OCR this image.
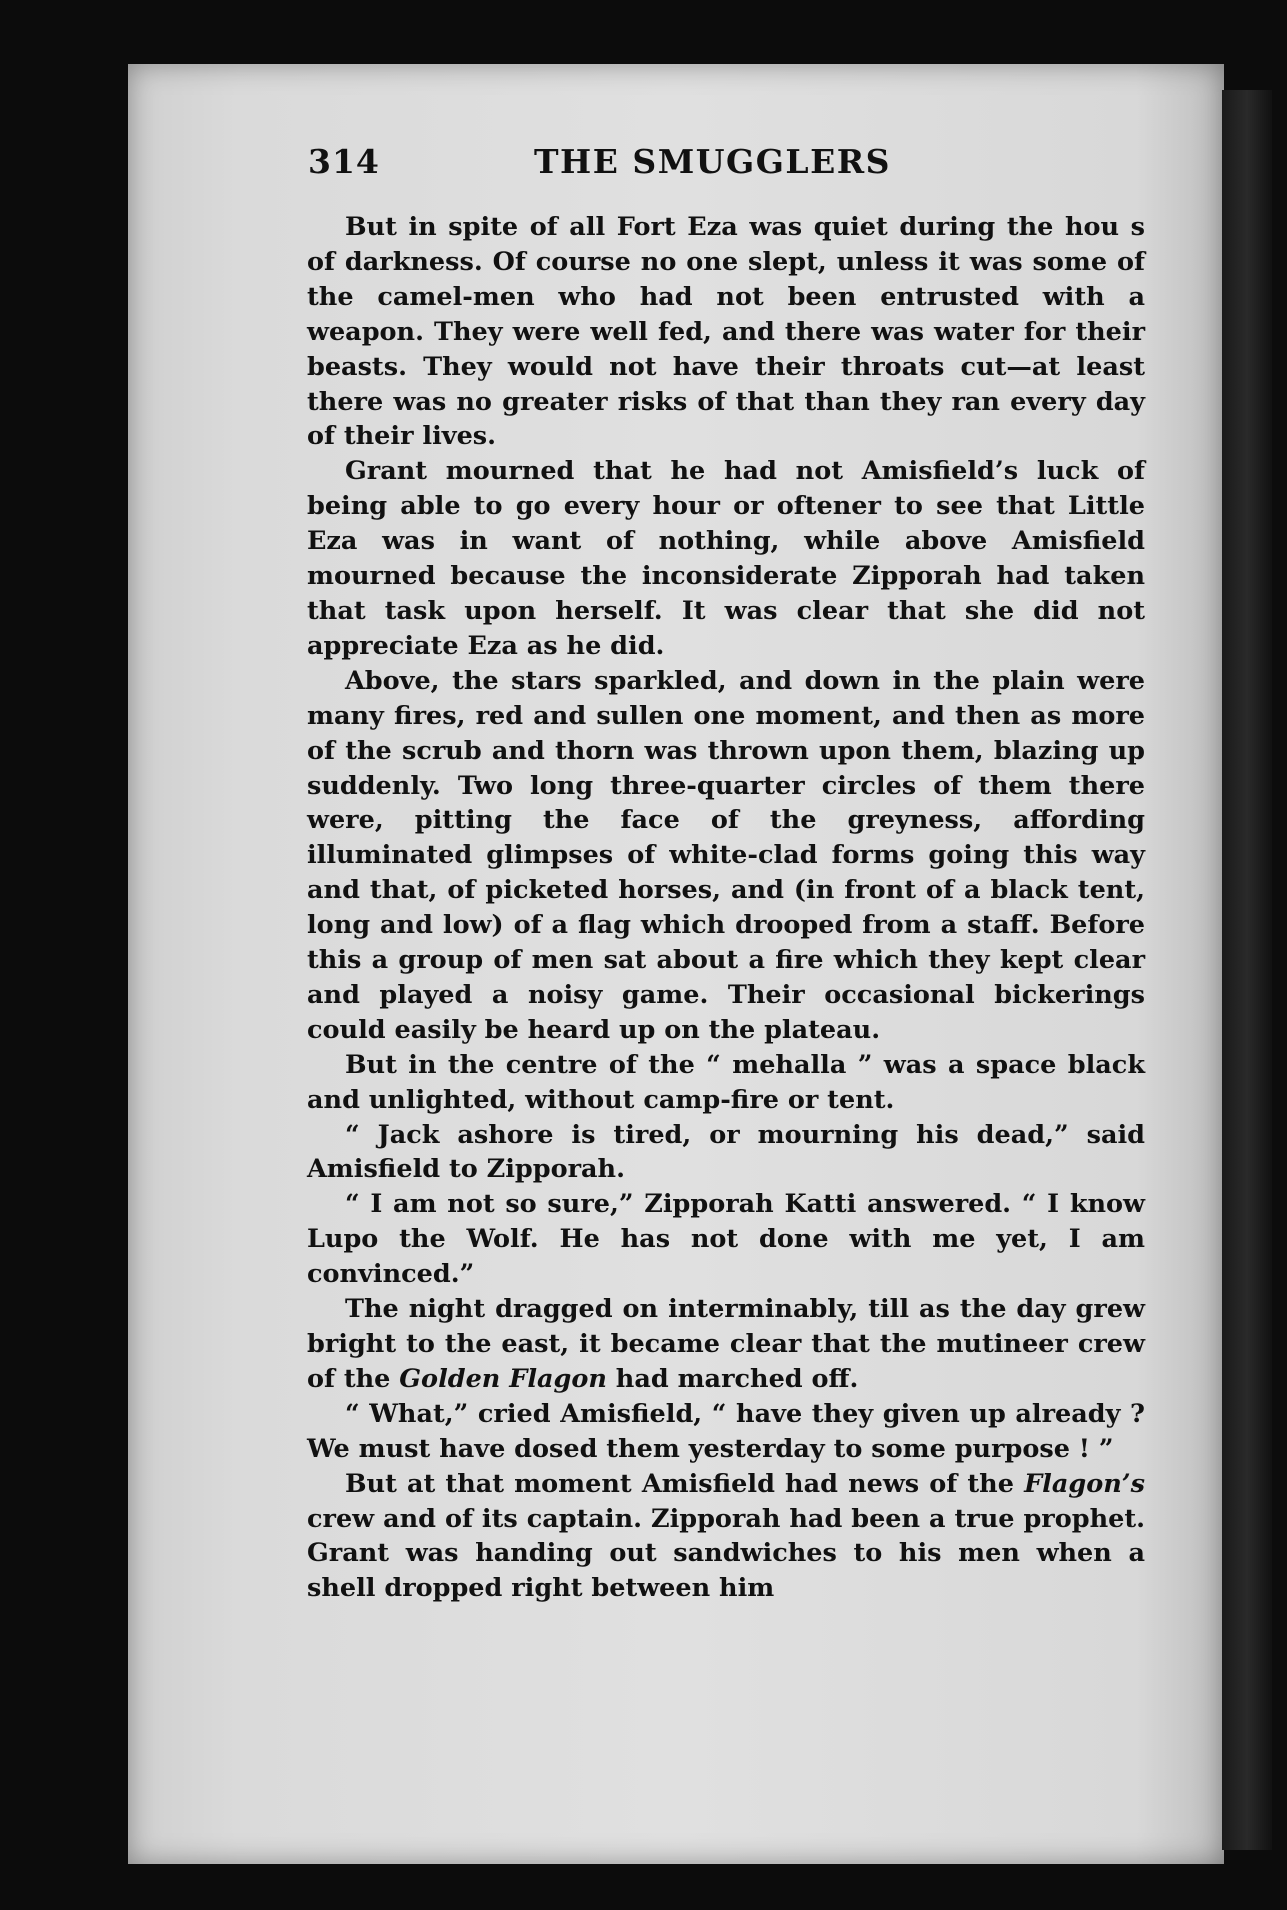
314	THE SMUGGLERS

But in spite of all Fort Eza was quiet during the hou s of darkness. Of course no one slept, unless it was some of the camel-men who had not been entrusted with a weapon. They were well fed, and there was water for their beasts. They would not have their throats cut—at least there was no greater risks of that than they ran every day of their lives.

Grant mourned that he had not Amisfield’s luck of being able to go every hour or oftener to see that Little Eza was in want of nothing, while above Amisfield mourned because the inconsiderate Zipporah had taken that task upon herself. It was clear that she did not appreciate Eza as he did.

Above, the stars sparkled, and down in the plain were many fires, red and sullen one moment, and then as more of the scrub and thorn was thrown upon them, blazing up suddenly. Two long three-quarter circles of them there were, pitting the face of the greyness, affording illuminated glimpses of white-clad forms going this way and that, of picketed horses, and (in front of a black tent, long and low) of a flag which drooped from a staff. Before this a group of men sat about a fire which they kept clear and played a noisy game. Their occasional bickerings could easily be heard up on the plateau.

But in the centre of the “ mehalla ” was a space black and unlighted, without camp-fire or tent.

“ Jack ashore is tired, or mourning his dead,” said Amisfield to Zipporah.

“ I am not so sure,” Zipporah Katti answered. “ I know Lupo the Wolf. He has not done with me yet, I am convinced.”

The night dragged on interminably, till as the day grew bright to the east, it became clear that the mutineer crew of the Golden Flagon had marched off.

“ What,” cried Amisfield, “ have they given up already ? We must have dosed them yesterday to some purpose ! ”

But at that moment Amisfield had news of the Flagon’s crew and of its captain. Zipporah had been a true prophet. Grant was handing out sandwiches to his men when a shell dropped right between him
